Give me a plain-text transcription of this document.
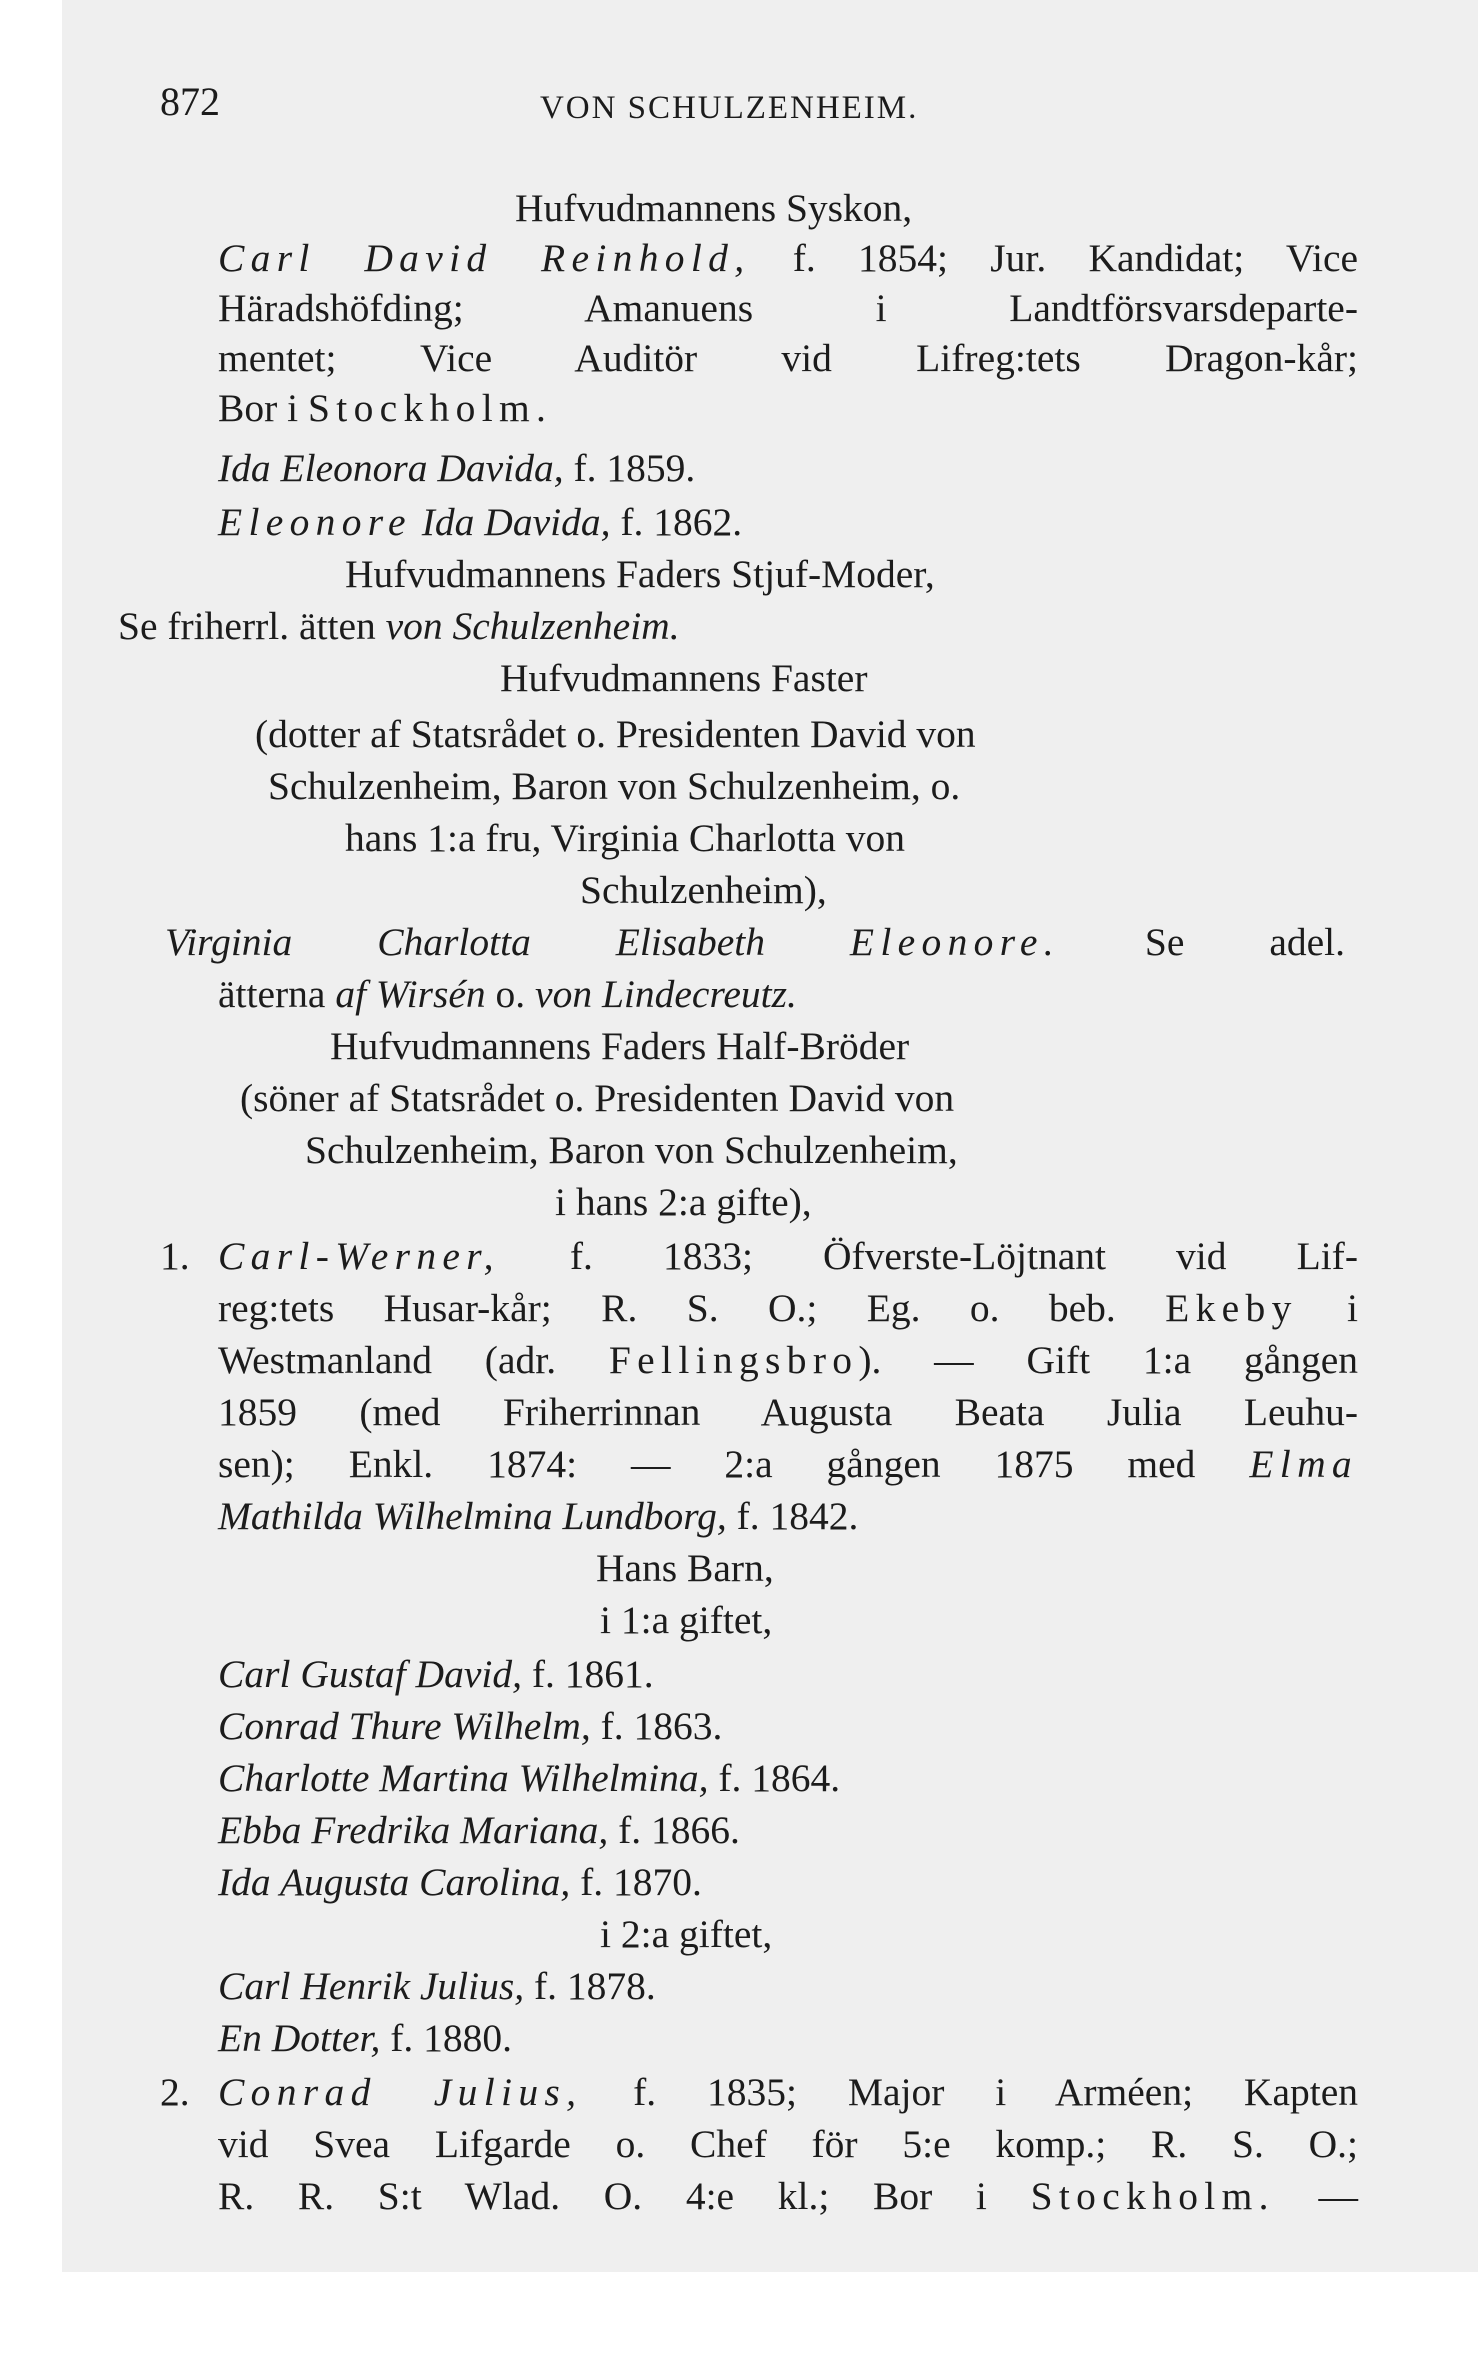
872	VON SCHULZENHEIM.
Hufvudmannens Syskon,
Carl David Reinhold, f. 1854; Jur. Kandidat; Vice
Häradshöfding; Amanuens i Landtförsvarsdeparte-
mentet; Vice Auditör vid Lifreg:tets Dragon-kår;
Bor i Stockholm.
Ida Eleonora Davida, f. 1859.
Eleonore Ida Davida, f. 1862.
Hufvudmannens Faders Stjuf-Moder,
Se friherrl. ätten von Schulzenheim.
Hufvudmannens Faster
(dotter af Statsrådet o. Presidenten David von
Schulzenheim, Baron von Schulzenheim, o.
hans 1:a fru, Virginia Charlotta von
Schulzenheim),
Virginia Charlotta Elisabeth Eleonore. Se adel.
ätterna af Wirsén o. von Lindecreutz.
Hufvudmannens Faders Half-Bröder
(söner af Statsrådet o. Presidenten David von
Schulzenheim, Baron von Schulzenheim,
i hans 2:a gifte),
1. Carl-Werner, f. 1833; Öfverste-Löjtnant vid Lif-
reg:tets Husar-kår; R. S. O.; Eg. o. beb. Ekeby i
Westmanland (adr. Fellingsbro). — Gift 1:a gången
1859 (med Friherrinnan Augusta Beata Julia Leuhu-
sen); Enkl. 1874: — 2:a gången 1875 med Elma
Mathilda Wilhelmina Lundborg, f. 1842.
Hans Barn,
i 1:a giftet,
Carl Gustaf David, f. 1861.
Conrad Thure Wilhelm, f. 1863.
Charlotte Martina Wilhelmina, f. 1864.
Ebba Fredrika Mariana, f. 1866.
Ida Augusta Carolina, f. 1870.
i 2:a giftet,
Carl Henrik Julius, f. 1878.
En Dotter, f. 1880.
2. Conrad Julius, f. 1835; Major i Arméen; Kapten
vid Svea Lifgarde o. Chef för 5:e komp.; R. S. O.;
R. R. S:t Wlad. O. 4:e kl.; Bor i Stockholm. —
